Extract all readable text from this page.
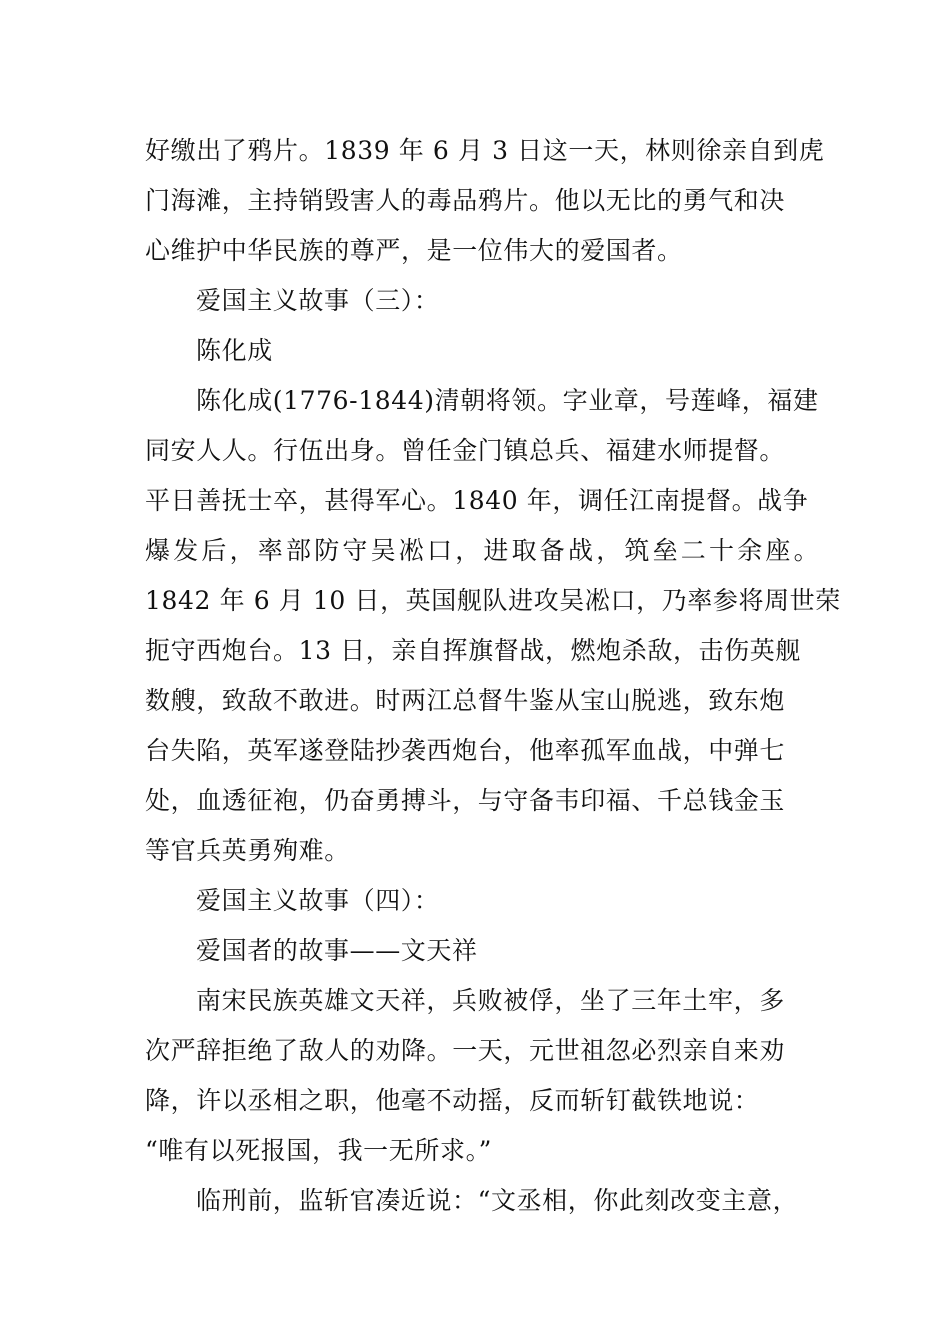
好缴出了鸦片。1839 年 6 月 3 日这一天，林则徐亲自到虎
门海滩，主持销毁害人的毒品鸦片。他以无比的勇气和决
心维护中华民族的尊严，是一位伟大的爱国者。
爱国主义故事（三）：
陈化成
陈化成(1776-1844)清朝将领。字业章，号莲峰，福建
同安人人。行伍出身。曾任金门镇总兵、福建水师提督。
平日善抚士卒，甚得军心。1840 年，调任江南提督。战争
爆发后，率部防守吴凇口，进取备战，筑垒二十余座。
1842 年 6 月 10 日，英国舰队进攻吴凇口，乃率参将周世荣
扼守西炮台。13 日，亲自挥旗督战，燃炮杀敌，击伤英舰
数艘，致敌不敢进。时两江总督牛鉴从宝山脱逃，致东炮
台失陷，英军遂登陆抄袭西炮台，他率孤军血战，中弹七
处，血透征袍，仍奋勇搏斗，与守备韦印福、千总钱金玉
等官兵英勇殉难。
爱国主义故事（四）：
爱国者的故事——文天祥
南宋民族英雄文天祥，兵败被俘，坐了三年土牢，多
次严辞拒绝了敌人的劝降。一天，元世祖忽必烈亲自来劝
降，许以丞相之职，他毫不动摇，反而斩钉截铁地说：
“唯有以死报国，我一无所求。”
临刑前，监斩官凑近说：“文丞相，你此刻改变主意，
